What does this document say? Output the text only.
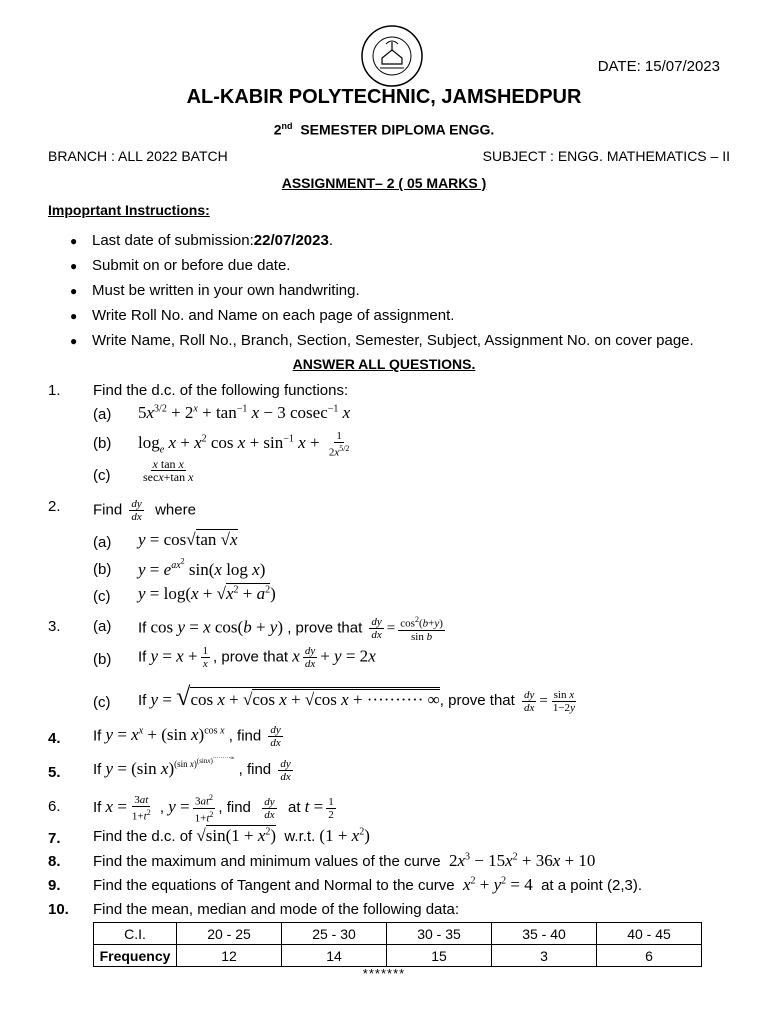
DATE: 15/07/2023
AL-KABIR POLYTECHNIC, JAMSHEDPUR
2nd SEMESTER DIPLOMA ENGG.
BRANCH : ALL 2022 BATCH	SUBJECT : ENGG. MATHEMATICS – II
ASSIGNMENT– 2 ( 05 MARKS )
Impoprtant Instructions:
● Last date of submission: 22/07/2023 .
● Submit on or before due date.
● Must be written in your own handwriting.
● Write Roll No. and Name on each page of assignment.
● Write Name, Roll No., Branch, Section, Semester, Subject, Assignment No. on cover page.
ANSWER ALL QUESTIONS.
1. Find the d.c. of the following functions:
(a) $5x^{3/2} + 2^x + \tan^{-1} x - 3$ cosec$^{-1}$ x
(b) $\log_e x + x^2$ $\cos x + \sin^{-1} x + \frac{1}{2x^{5/2}}$
(c)	$\frac{\text{x tan x}}{\text{secx+tan x}}$
2. Find $\frac{dy}{dx}$ where
(a) y = cos√tan √x
(b) $y = e^{ax^2}$ sin(x log x)
(c) $y = \log(x + √x^2 + a^2)$
3. (a) If cos y = x cos(b + y) , prove that $\frac{dy}{dx} = \frac{\cos^2(b+y)}{\text{sin b}}$
(b) If $y = x + \frac{1}{x}$ , prove that x $\frac{dy}{dx} + y = 2x$
(c) If y = √cos x + √cos x + √cos x + ·········· ∞, prove that $\frac{dy}{dx} = \frac{\text{sin x}}{1-2y}$
4. If $y = x^x + (\sin$ x)$^{cos x}$ , find $\frac{dy}{dx}$
5. If y = (sin x)$^{(sin x)^{(sinx)^{\cdot\cdot\cdot\cdot\cdot\cdot\cdot\cdot\cdot\infty}}}$ , find $\frac{dy}{dx}$
6. If $x = \frac{3at}{1+t^2}$ , $y = \frac{3at^2}{1+t^2}$ , find $\frac{dy}{dx}$ at $t = \frac{1}{2}$
7. Find the d.c. of $√\sin(1 + x^2)$ w.r.t. $(1 + x^2)$
8. Find the maximum and minimum values of the curve $2x^3 - 15x^2 + 36x + 10$
9. Find the equations of Tangent and Normal to the curve $x^2 + y^2 = 4$ at a point (2,3).
10. Find the mean, median and mode of the following data:
C.I.	20 - 25	25 - 30	30 - 35	35 - 40	40 - 45
Frequency	12	14	15	3	6
*******
